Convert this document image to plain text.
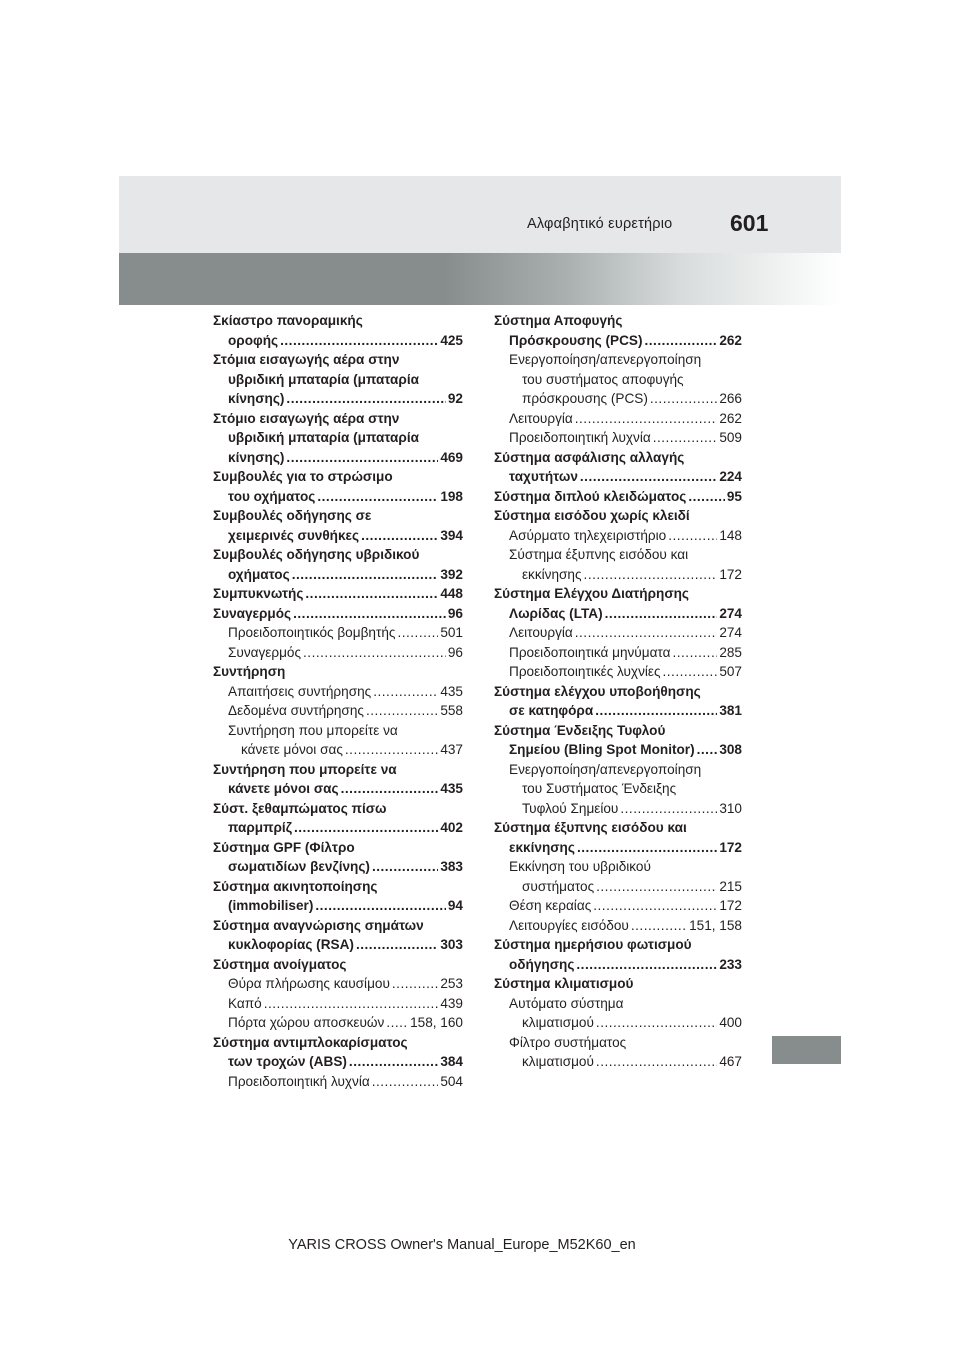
Αλφαβητικό ευρετήριο	601
Σκίαστρο πανοραμικής
οροφής .....	425
Στόμια εισαγωγής αέρα στην
υβριδική μπαταρία (μπαταρία
κίνησης) .....	92
Στόμιο εισαγωγής αέρα στην
υβριδική μπαταρία (μπαταρία
κίνησης) .....	469
Συμβουλές για το στρώσιμο
του οχήματος .....	198
Συμβουλές οδήγησης σε
χειμερινές συνθήκες .....	394
Συμβουλές οδήγησης υβριδικού
οχήματος .....	392
Συμπυκνωτής .....	448
Συναγερμός .....	96
Προειδοποιητικός βομβητής .....	501
Συναγερμός .....	96
Συντήρηση
Απαιτήσεις συντήρησης .....	435
Δεδομένα συντήρησης .....	558
Συντήρηση που μπορείτε να
κάνετε μόνοι σας .....	437
Συντήρηση που μπορείτε να
κάνετε μόνοι σας .....	435
Σύστ. ξεθαμπώματος πίσω
παρμπρίζ .....	402
Σύστημα GPF (Φίλτρο
σωματιδίων βενζίνης) .....	383
Σύστημα ακινητοποίησης
(immobiliser) .....	94
Σύστημα αναγνώρισης σημάτων
κυκλοφορίας (RSA) .....	303
Σύστημα ανοίγματος
Θύρα πλήρωσης καυσίμου .....	253
Καπό .....	439
Πόρτα χώρου αποσκευών ..... 158, 160
Σύστημα αντιμπλοκαρίσματος
των τροχών (ABS) .....	384
Προειδοποιητική λυχνία .....	504
Σύστημα Αποφυγής
Πρόσκρουσης (PCS) .....	262
Ενεργοποίηση/απενεργοποίηση
του συστήματος αποφυγής
πρόσκρουσης (PCS) .....	266
Λειτουργία .....	262
Προειδοποιητική λυχνία .....	509
Σύστημα ασφάλισης αλλαγής
ταχυτήτων .....	224
Σύστημα διπλού κλειδώματος .....	95
Σύστημα εισόδου χωρίς κλειδί
Ασύρματο τηλεχειριστήριο .....	148
Σύστημα έξυπνης εισόδου και
εκκίνησης .....	172
Σύστημα Ελέγχου Διατήρησης
Λωρίδας (LTA) .....	274
Λειτουργία .....	274
Προειδοποιητικά μηνύματα .....	285
Προειδοποιητικές λυχνίες .....	507
Σύστημα ελέγχου υποβοήθησης
σε κατηφόρα .....	381
Σύστημα Ένδειξης Τυφλού
Σημείου (Bling Spot Monitor) ..... 308
Ενεργοποίηση/απενεργοποίηση
του Συστήματος Ένδειξης
Τυφλού Σημείου .....	310
Σύστημα έξυπνης εισόδου και
εκκίνησης .....	172
Εκκίνηση του υβριδικού
συστήματος .....	215
Θέση κεραίας .....	172
Λειτουργίες εισόδου .....	151, 158
Σύστημα ημερήσιου φωτισμού
οδήγησης .....	233
Σύστημα κλιματισμού
Αυτόματο σύστημα
κλιματισμού .....	400
Φίλτρο συστήματος
κλιματισμού .....	467
YARIS CROSS Owner's Manual_Europe_M52K60_en
